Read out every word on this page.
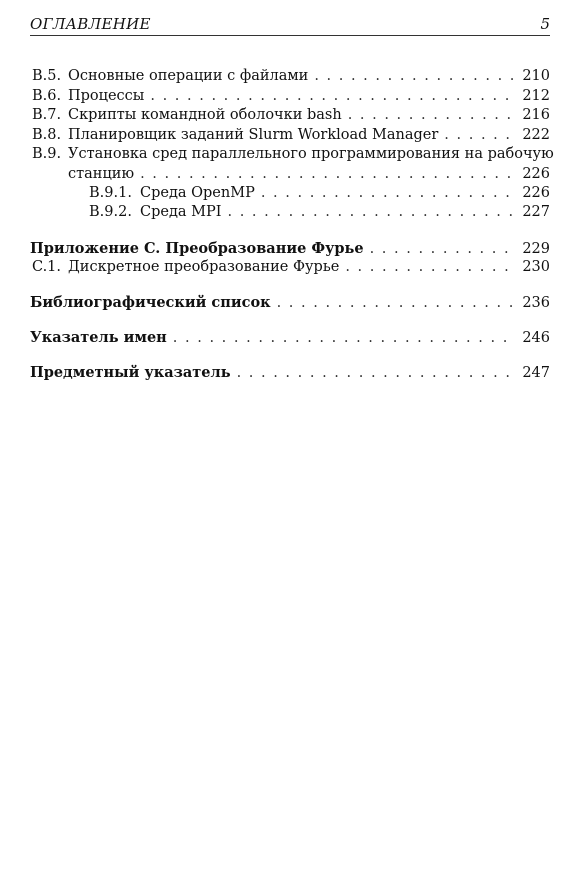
ОГЛАВЛЕНИЕ	5
B.5. Основные операции с файлами . . .	210
B.6. Процессы . . .	212
B.7. Скрипты командной оболочки bash . . .	216
B.8. Планировщик заданий Slurm Workload Manager . . .	222
B.9. Установка сред параллельного программирования на рабочую
станцию . . .	226
B.9.1. Среда OpenMP . . .	226
B.9.2. Среда MPI . . .	227
Приложение C. Преобразование Фурье . . .	229
C.1. Дискретное преобразование Фурье . . .	230
Библиографический список . . .	236
Указатель имен . . .	246
Предметный указатель . . .	247
